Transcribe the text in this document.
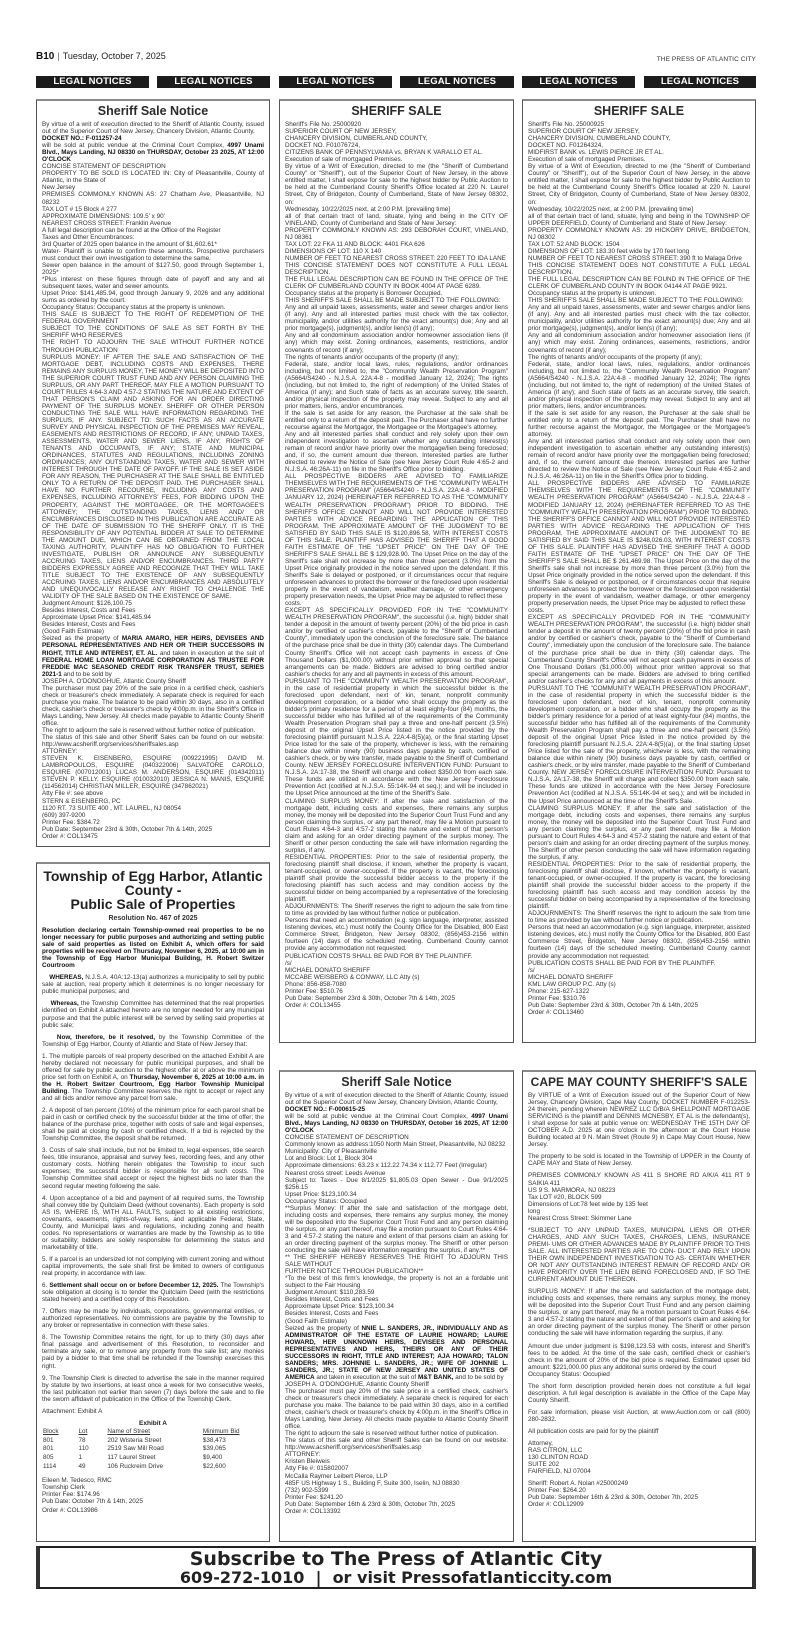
B10 | Tuesday, October 7, 2025	THE PRESS OF ATLANTIC CITY
LEGAL NOTICES	LEGAL NOTICES	LEGAL NOTICES	LEGAL NOTICES	LEGAL NOTICES	LEGAL NOTICES
Sheriff Sale Notice

By virtue of a writ of execution directed to the Sheriff of Atlantic County, issued out of the Superior Court of New Jersey, Chancery Division, Atlantic County,

DOCKET NO.: F-011257-24

will be sold at public vendue at the Criminal Court Complex, 4997 Unami Blvd., Mays Landing, NJ 08330 on THURSDAY, October 23 2025, AT 12:00 O'CLOCK

CONCISE STATEMENT OF DESCRIPTION

PROPERTY TO BE SOLD IS LOCATED IN: City of Pleasantville, County of Atlantic, in the State of

New Jersey

PREMISES COMMONLY KNOWN AS: 27 Chatham Ave, Pleasantville, NJ 08232

TAX LOT # 15 Block # 277

APPROXIMATE DIMENSIONS: 109.5' x 90'

NEAREST CROSS STREET: Franklin Avenue

A full legal description can be found at the Office of the Register

Taxes and Other Encumbrances:

3rd Quarter of 2025 open balance in the amount of $1,602.61*

Water- Plaintiff is unable to confirm these amounts. Prospective purchasers must conduct their own investigation to determine the same.

Sewer open balance in the amount of $127.50, good through September 1, 2025*

*Plus interest on these figures through date of payoff and any and all subsequent taxes, water and sewer amounts.

Upset Price: $141,485.94, good through January 9, 2026 and any additional sums as ordered by the court.

Occupancy Status: Occupancy status at the property is unknown.

THIS SALE IS SUBJECT TO THE RIGHT OF REDEMPTION OF THE FEDERAL GOVERNMENT

SUBJECT TO THE CONDITIONS OF SALE AS SET FORTH BY THE SHERIFF WHO RESERVES

THE RIGHT TO ADJOURN THE SALE WITHOUT FURTHER NOTICE THROUGH PUBLICATION

SURPLUS MONEY: IF AFTER THE SALE AND SATISFACTION OF THE MORTGAGE DEBT, INCLUDING COSTS AND EXPENSES, THERE REMAINS ANY SURPLUS MONEY, THE MONEY WILL BE DEPOSITED INTO THE SUPERIOR COURT TRUST FUND AND ANY PERSON CLAIMING THE SURPLUS, OR ANY PART THEREOF, MAY FILE A MOTION PURSUANT TO COURT RULES 4:64-3 AND 4:57-2 STATING THE NATURE AND EXTENT OF THAT PERSON'S CLAIM AND ASKING FOR AN ORDER DIRECTING PAYMENT OF THE SURPLUS MONEY. SHERIFF OR OTHER PERSON CONDUCTING THE SALE WILL HAVE INFORMATION REGARDING THE SURPLUS, IF ANY. SUBJECT TO: SUCH FACTS AS AN ACCURATE SURVEY AND PHYSICAL INSPECTION OF THE PREMISES MAY REVEAL, EASEMENTS AND RESTRICTIONS OF RECORD, IF ANY; UNPAID TAXES, ASSESSMENTS, WATER AND SEWER LIENS, IF ANY; RIGHTS OF TENANTS AND OCCUPANTS, IF ANY; STATE AND MUNICIPAL ORDINANCES, STATUTES AND REGULATIONS, INCLUDING ZONING ORDINANCES; ANY OUTSTANDING TAXES, WATER AND SEWER WITH INTEREST THROUGH THE DATE OF PAYOFF. IF THE SALE IS SET ASIDE FOR ANY REASON, THE PURCHASER AT THE SALE SHALL BE ENTITLED ONLY TO A RETURN OF THE DEPOSIT PAID. THE PURCHASER SHALL HAVE NO FURTHER RECOURSE, INCLUDING ANY COSTS AND EXPENSES, INCLUDING ATTORNEYS' FEES, FOR BIDDING UPON THE PROPERTY, AGAINST THE MORTGAGEE, OR THE MORTGAGEE'S ATTORNEY; THE OUTSTANDING TAXES, LIENS AND/ OR ENCUMBRANCES DISCLOSED IN THIS PUBLICATION ARE ACCURATE AS OF THE DATE OF SUBMISSION TO THE SHERIFF ONLY. IT IS THE RESPONSIBILITY OF ANY POTENTIAL BIDDER AT SALE TO DETERMINE THE AMOUNT DUE, WHICH CAN BE OBTAINED FROM THE LOCAL TAXING AUTHORITY, PLAINTIFF HAS NO OBLIGATION TO FURTHER INVESTIGATE, PUBLISH OR ANNOUNCE ANY SUBSEQUENTLY ACCRUING TAXES, LIENS AND/OR ENCUMBRANCES. THIRD PARTY BIDDERS EXPRESSLY AGREE AND RECOGNIZE THAT THEY WILL TAKE TITLE SUBJECT TO THE EXISTENCE OF ANY SUBSEQUENTLY ACCRUING TAXES, LIENS AND/OR ENCUMBRANCES AND ABSOLUTELY AND UNEQUIVOCALLY RELEASE ANY RIGHT TO CHALLENGE THE VALIDITY OF THE SALE BASED ON THE EXISTENCE OF SAME.

Judgment Amount: $126,100.75

Besides Interest, Costs and Fees

Approximate Upset Price: $141,485.94

Besides Interest, Costs and Fees

(Good Faith Estimate)

Seized as the property of MARIA AMARO, HER HEIRS, DEVISEES AND PERSONAL REPRESENTATIVES AND HER OR THEIR SUCCESSORS IN RIGHT, TITLE AND INTEREST, ET. AL. and taken in execution at the suit of FEDERAL HOME LOAN MORTGAGE CORPORATION AS TRUSTEE FOR FREDDIE MAC SEASONED CREDIT RISK TRANSFER TRUST, SERIES 2021-1 and to be sold by

JOSEPH A. O'DONOGHUE, Atlantic County Sheriff

The purchaser must pay 20% of the sale price in a certified check, cashier's check or treasurer's check immediately. A separate check is required for each purchase you make. The balance to be paid within 30 days, also in a certified check, cashier's check or treasurer's check by 4:00p.m. in the Sheriff's Office in Mays Landing, New Jersey. All checks made payable to Atlantic County Sheriff office.

The right to adjourn the sale is reserved without further notice of publication.

The status of this sale and other Sheriff Sales can be found on our website: http://www.acsheriff.org/services/sheriffsales.asp

ATTORNEY:

STEVEN K. EISENBERG, ESQUIRE (009221995) DAVID M. LAMBROPOULOS, ESQUIRE (040322006) SALVATORE CAROLLO, ESQUIRE (007012001) LUCAS M. ANDERSON, ESQUIRE (014342011) STEVEN P. KELLY, ESQUIRE (010032010) JESSICA N. MANIS, ESQUIRE (114562014) CHRISTIAN MILLER, ESQUIRE (347862021)

Atty File #: see above

STERN & EISENBERG, PC

1120 RT. 73 SUITE 400 , MT. LAUREL, NJ 08054

(609) 397-9200

Printer Fee: $384.72

Pub Date: September 23rd & 30th, October 7th & 14th, 2025

Order #: COL13475
Township of Egg Harbor, Atlantic County -
Public Sale of Properties
Resolution No. 467 of 2025

Resolution declaring certain Township-owned real properties to be no longer necessary for public purposes and authorizing and setting public sale of said properties as listed on Exhibit A, which offers for said properties will be received on Thursday, November 6, 2025, at 10:00 am in the Township of Egg Harbor Municipal Building, H. Robert Switzer Courtroom

WHEREAS, N.J.S.A. 40A:12-13(a) authorizes a municipality to sell by public sale at auction, real property which it determines is no longer necessary for public municipal purposes; and

Whereas, the Township Committee has determined that the real properties identified on Exhibit A attached hereto are no longer needed for any municipal purpose and that the public interest will be served by selling said properties at public sale;

Now, therefore, be it resolved, by the Township Committee of the Township of Egg Harbor, County of Atlantic and State of New Jersey that:

1. The multiple parcels of real property described on the attached Exhibit A are hereby declared not necessary for public municipal purposes, and shall be offered for sale by public auction to the highest offer at or above the minimum price set forth on Exhibit A, on Thursday, November 6, 2025 at 10:00 a.m. in the H. Robert Switzer Courtroom, Egg Harbor Township Municipal Building. The Township Committee reserves the right to accept or reject any and all bids and/or remove any parcel from sale.

2. A deposit of ten percent (10%) of the minimum price for each parcel shall be paid in cash or certified check by the successful bidder at the time of offer; the balance of the purchase price, together with costs of sale and legal expenses, shall be paid at closing by cash or certified check. If a bid is rejected by the Township Committee, the deposit shall be returned.

3. Costs of sale shall include, but not be limited to, legal expenses, title search fees, title insurance, appraisal and survey fees, recording fees, and any other customary costs. Nothing herein obligates the Township to incur such expenses; the successful bidder is responsible for all such costs. The Township Committee shall accept or reject the highest bids no later than the second regular meeting following the sale.

4. Upon acceptance of a bid and payment of all required sums, the Township shall convey title by Quitclaim Deed (without covenants). Each property is sold AS IS, WHERE IS, WITH ALL FAULTS, subject to all existing restrictions, covenants, easements, rights-of-way, liens, and applicable Federal, State, County, and Municipal laws and regulations, including zoning and health codes. No representations or warranties are made by the Township as to title or suitability; bidders are solely responsible for determining the status and marketability of title.

5. If a parcel is an undersized lot not complying with current zoning and without capital improvements, the sale shall first be limited to owners of contiguous real property, in accordance with law.

6. Settlement shall occur on or before December 12, 2025. The Township's sole obligation at closing is to tender the Quitclaim Deed (with the restrictions stated herein) and a certified copy of this Resolution.

7. Offers may be made by individuals, corporations, governmental entities, or authorized representatives. No commissions are payable by the Township to any broker or representative in connection with these sales.

8. The Township Committee retains the right, for up to thirty (30) days after final passage and advertisement of this Resolution, to reconsider and terminate any sale, or to remove any property from the sale list; any monies paid by a bidder to that time shall be refunded if the Township exercises this right.

9. The Township Clerk is directed to advertise the sale in the manner required by statute by two insertions, at least once a week for two consecutive weeks, the last publication not earlier than seven (7) days before the sale and to file the sworn affidavit of publication in the Office of the Township Clerk.

Attachment: Exhibit A

Exhibit A
Block	Lot	Name of Street	Minimum Bid
801	78	202 Wisteria Street	$38,473
801	110	2519 Saw Mill Road	$39,065
805	1	117 Laurel Street	$9,400
1114	49	106 Ruckreim Drive	$22,600

Eileen M. Tedesco, RMC

Township Clerk

Printer Fee: $174.96

Pub Date: October 7th & 14th, 2025

Order #: COL13986
SHERIFF SALE

Sheriff's File No. 25000920

SUPERIOR COURT OF NEW JERSEY,

CHANCERY DIVISION, CUMBERLAND COUNTY,

DOCKET NO. F01076724,

CITIZENS BANK OF PENNSYLVANIA vs. BRYAN K VARALLO ET AL.

Execution of sale of mortgaged Premises.

By virtue of a Writ of Execution, directed to me (the "Sheriff of Cumberland County" or "Sheriff"), out of the Superior Court of New Jersey, in the above entitled matter, I shall expose for sale to the highest bidder by Public Auction to be held at the Cumberland County Sheriff's Office located at 220 N. Laurel Street, City of Bridgeton, County of Cumberland, State of New Jersey 08302, on:

Wednesday, 10/22/2025 next, at 2:00 P.M. [prevailing time]

all of that certain tract of land, situate, lying and being in the CITY OF VINELAND, County of Cumberland and State of New Jersey:

PROPERTY COMMONLY KNOWN AS: 293 DEBORAH COURT, VINELAND, NJ 08361

TAX LOT: 22 FKA 11 AND BLOCK: 4401 FKA 626

DIMENSIONS OF LOT: 110 X 140

NUMBER OF FEET TO NEAREST CROSS STREET: 220 FEET TO IDA LANE

THIS CONCISE STATEMENT DOES NOT CONSTITUTE A FULL LEGAL DESCRIPTION.

THE FULL LEGAL DESCRIPTION CAN BE FOUND IN THE OFFICE OF THE CLERK OF CUMBERLAND COUNTY IN BOOK 4004 AT PAGE 6289.

Occupancy status at the property is Borrower Occupied.

THIS SHERIFF'S SALE SHALL BE MADE SUBJECT TO THE FOLLOWING:

Any and all unpaid taxes, assessments, water and sewer charges and/or liens (if any). Any and all interested parties must check with the tax collector, municipality, and/or utilities authority for the exact amount(s) due; Any and all prior mortgage(s), judgment(s), and/or lien(s) (if any);

Any and all condominium association and/or homeowner association liens (if any) which may exist. Zoning ordinances, easements, restrictions, and/or covenants of record (if any);

The rights of tenants and/or occupants of the property (if any);

Federal, state, and/or local laws, rules, regulations, and/or ordinances including, but not limited to, the "Community Wealth Preservation Program" (A5664/S4240 - N.J.S.A. 22A:4-8 - modified January 12, 2024); The rights (including, but not limited to, the right of redemption) of the United States of America (if any); and Such state of facts as an accurate survey, title search, and/or physical inspection of the property may reveal. Subject to any and all prior matters, liens, and/or encumbrances.

If the sale is set aside for any reason, the Purchaser at the sale shall be entitled only to a return of the deposit paid. The Purchaser shall have no further recourse against the Mortgagor, the Mortgagee or the Mortgagee's attorney.

Any and all interested parties shall conduct and rely solely upon their own independent investigation to ascertain whether any outstanding interest(s) remain of record and/or have priority over the mortgage/lien being foreclosed; and, if so, the current amount due thereon. Interested parties are further directed to review the Notice of Sale (see New Jersey Court Rule 4:65-2 and N.J.S.A. 46:26A-11) on file in the Sheriff's Office prior to bidding.

ALL PROSPECTIVE BIDDERS ARE ADVISED TO FAMILIARIZE THEMSELVES WITH THE REQUIREMENTS OF THE "COMMUNITY WEALTH PRESERVATION PROGRAM" (A5664/S4240 - N.J.S.A. 22A:4-8 - MODIFIED JANUARY 12, 2024) (HEREINAFTER REFERRED TO AS THE "COMMUNITY WEALTH PRESERVATION PROGRAM") PRIOR TO BIDDING. THE SHERIFF'S OFFICE CANNOT AND WILL NOT PROVIDE INTERESTED PARTIES WITH ADVICE REGARDING THE APPLICATION OF THIS PROGRAM. THE APPROXIMATE AMOUNT OF THE JUDGMENT TO BE SATISFIED BY SAID THIS SALE IS $120,896.58, WITH INTEREST COSTS OF THIS SALE. PLAINTIFF HAS ADVISED THE SHERIFF THAT A GOOD FAITH ESTIMATE OF THE "UPSET PRICE" ON THE DAY OF THE SHERIFF'S SALE SHALL BE $ 129,928.90. The Upset Price on the day of the Sheriff's sale shall not increase by more than three percent (3.0%) from the Upset Price originally provided in the notice served upon the defendant. If this Sheriff's Sale is delayed or postponed, or if circumstances occur that require unforeseen advances to protect the borrower or the foreclosed upon residential property in the event of vandalism, weather damage, or other emergency property preservation needs, the Upset Price may be adjusted to reflect these

costs.

EXCEPT AS SPECIFICALLY PROVIDED FOR IN THE "COMMUNITY WEALTH PRESERVATION PROGRAM", the successful (i.e. high) bidder shall tender a deposit in the amount of twenty percent (20%) of the bid price in cash and/or by certified or cashier's check, payable to the "Sheriff of Cumberland County", immediately upon the conclusion of the foreclosure sale. The balance of the purchase price shall be due in thirty (30) calendar days. The Cumberland County Sheriff's Office will not accept cash payments in excess of One Thousand Dollars ($1,000.00) without prior written approval so that special arrangements can be made. Bidders are advised to bring certified and/or cashier's checks for any and all payments in excess of this amount.

PURSUANT TO THE "COMMUNITY WEALTH PRESERVATION PROGRAM", in the case of residential property in which the successful bidder is the foreclosed upon defendant, next of kin, tenant, nonprofit community development corporation, or a bidder who shall occupy the property as the bidder's primary residence for a period of at least eighty-four (84) months, the successful bidder who has fulfilled all of the requirements of the Community Wealth Preservation Program shall pay a three and one-half percent (3.5%) deposit of the original Upset Price listed in the notice provided by the foreclosing plaintiff pursuant N.J.S.A. 22A:4-8(5)(a), or the final starting Upset Price listed for the sale of the property, whichever is less, with the remaining balance due within ninety (90) business days payable by cash, certified or cashier's check, or by wire transfer, made payable to the Sheriff of Cumberland County. NEW JERSEY FORECLOSURE INTERVENTION FUND: Pursuant to N.J.S.A. 2A:17-38, the Sheriff will charge and collect $350.00 from each sale. These funds are utilized in accordance with the New Jersey Foreclosure Prevention Act (codified at N.J.S.A. 55:14K-94 et seq.); and will be included in the Upset Price announced at the time of the Sheriff's Sale.

CLAIMING SURPLUS MONEY: If after the sale and satisfaction of the mortgage debt, including costs and expenses, there remains any surplus money, the money will be deposited into the Superior Court Trust Fund and any person claiming the surplus, or any part thereof, may file a Motion pursuant to Court Rules 4:64-3 and 4:57-2 stating the nature and extent of that person's claim and asking for an order directing payment of the surplus money. The Sheriff or other person conducting the sale will have information regarding the surplus, if any.

RESIDENTIAL PROPERTIES: Prior to the sale of residential property, the foreclosing plaintiff shall disclose, if known, whether the property is vacant, tenant-occupied, or owner-occupied. If the property is vacant, the foreclosing plaintiff shall provide the successful bidder access to the property if the foreclosing plaintiff has such access and may condition access by the successful bidder on being accompanied by a representative of the foreclosing plaintiff.

ADJOURNMENTS: The Sheriff reserves the right to adjourn the sale from time to time as provided by law without further notice or publication.

Persons that need an accommodation (e.g. sign language, interpreter, assisted listening devices, etc.) must notify the County Office for the Disabled, 800 East Commerce Street, Bridgeton, New Jersey 08302, (856)453-2156 within fourteen (14) days of the scheduled meeting. Cumberland County cannot provide any accommodation not requested.

PUBLICATION COSTS SHALL BE PAID FOR BY THE PLAINTIFF.

/s/

MICHAEL DONATO SHERIFF

MCCABE WEISBERG & CONWAY, LLC Atty (s)

Phone: 856-858-7080

Printer Fee: $510.76

Pub Date: September 23rd & 30th, October 7th & 14th, 2025

Order #: COL13455
Sheriff Sale Notice

By virtue of a writ of execution directed to the Sheriff of Atlantic County, issued out of the Superior Court of New Jersey, Chancery Division, Atlantic County,

DOCKET NO.: F-000615-25

will be sold at public vendue at the Criminal Court Complex, 4997 Unami Blvd., Mays Landing, NJ 08330 on THURSDAY, October 16 2025, AT 12:00 O'CLOCK

CONCISE STATEMENT OF DESCRIPTION

Commonly known as address:1050 North Main Street, Pleasantville, NJ 08232

Municipality: City of Pleasantville

Lot and Block: Lot 1, Block 304

Approximate dimensions: 63.23 x 112.22 74.34 x 112.77 Feet (Irregular)

Nearest cross street: Leeds Avenue

Subject to: Taxes - Due 8/1/2025 $1,805.03 Open Sewer - Due 9/1/2025 $256.15

Upset Price: $123,100.34

Occupancy Status: Occupied

**Surplus Money: If after the sale and satisfaction of the mortgage debt, including costs and expenses, there remains any surplus money, the money will be deposited into the Superior Court Trust Fund and any person claiming the surplus, or any part thereof, may file a motion pursuant to Court Rules 4:64-3 and 4:57-2 stating the nature and extent of that persons claim an asking for an order directing payment of the surplus money. The Sheriff or other person conducting the sale will have information regarding the surplus, if any.**

** THE SHERIFF HEREBY RESERVES THE RIGHT TO ADJOURN THIS SALE WITHOUT

FURTHER NOTICE THROUGH PUBLICATION**

*To the best of this firm's knowledge, the property is not an a fordable unit subject to the Fair Housing

Judgment Amount: $110,283.59

Besides Interest, Costs and Fees

Approximate Upset Price: $123,100.34

Besides Interest, Costs and Fees

(Good Faith Estimate)

Seized as the property of NNIE L. SANDERS, JR., INDIVIDUALLY AND AS ADMINISTRATOR OF THE ESTATE OF LAURIE HOWARD; LAURIE HOWARD, HER UNKNOWN HEIRS, DEVISEES AND PERSONAL REPRESENTATIVES AND HERS, THEIRS OR ANY OF THEIR SUCCESSORS IN RIGHT, TITLE AND INTEREST; AJA HOWARD; TALON SANDERS; MRS. JOHNNIE L. SANDERS, JR.; WIFE OF JOHNNIE L. SANDERS, JR.; STATE OF NEW JERSEY AND UNITED STATES OF AMERICA and taken in execution at the suit of M&T BANK, and to be sold by

JOSEPH A. O'DONOGHUE, Atlantic County Sheriff

The purchaser must pay 20% of the sale price in a certified check, cashier's check or treasurer's check immediately. A separate check is required for each purchase you make. The balance to be paid within 30 days, also in a certified check, cashier's check or treasurer's check by 4:00p.m. in the Sheriff's Office in Mays Landing, New Jersey. All checks made payable to Atlantic County Sheriff office.

The right to adjourn the sale is reserved without further notice of publication.

The status of this sale and other Sheriff Sales can be found on our website: http://www.acsheriff.org/services/sheriffsales.asp

ATTORNEY:

Kristen Bleiweis

Atty File #: 015802007

McCalla Raymer Leibert Pierce, LLP

485F US Highway 1 S., Building F, Suite 300, Iselin, NJ 08830

(732) 902-5399

Printer Fee: $241.20

Pub Date: September 16th & 23rd & 30th, October 7th, 2025

Order #: COL13392
SHERIFF SALE

Sheriff's File No. 25000925

SUPERIOR COURT OF NEW JERSEY,

CHANCERY DIVISION, CUMBERLAND COUNTY,

DOCKET NO. F01264324,

MIDFIRST BANK vs. LEWIS PIERCE JR ET AL.

Execution of sale of mortgaged Premises.

By virtue of a Writ of Execution, directed to me (the "Sheriff of Cumberland County" or "Sheriff"), out of the Superior Court of New Jersey, in the above entitled matter, I shall expose for sale to the highest bidder by Public Auction to be held at the Cumberland County Sheriff's Office located at 220 N. Laurel Street, City of Bridgeton, County of Cumberland, State of New Jersey 08302, on:

Wednesday, 10/22/2025 next, at 2:00 P.M. [prevailing time]

all of that certain tract of land, situate, lying and being in the TOWNSHIP OF UPPER DEERFIELD, County of Cumberland and State of New Jersey:

PROPERTY COMMONLY KNOWN AS: 29 HICKORY DRIVE, BRIDGETON, NJ 08302

TAX LOT: 52 AND BLOCK: 1504

DIMENSIONS OF LOT: 183.30 feet wide by 170 feet long

NUMBER OF FEET TO NEAREST CROSS STREET: 390 ft to Malaga Drive

THIS CONCISE STATEMENT DOES NOT CONSTITUTE A FULL LEGAL DESCRIPTION.

THE FULL LEGAL DESCRIPTION CAN BE FOUND IN THE OFFICE OF THE CLERK OF CUMBERLAND COUNTY IN BOOK 04144 AT PAGE 9921.

Occupancy status at the property is unknown.

THIS SHERIFF'S SALE SHALL BE MADE SUBJECT TO THE FOLLOWING:

Any and all unpaid taxes, assessments, water and sewer charges and/or liens (if any). Any and all interested parties must check with the tax collector, municipality, and/or utilities authority for the exact amount(s) due; Any and all prior mortgage(s), judgment(s), and/or lien(s) (if any);

Any and all condominium association and/or homeowner association liens (if any) which may exist. Zoning ordinances, easements, restrictions, and/or covenants of record (if any);

The rights of tenants and/or occupants of the property (if any);

Federal, state, and/or local laws, rules, regulations, and/or ordinances including, but not limited to, the "Community Wealth Preservation Program" (A5664/S4240 - N.J.S.A. 22A:4-8 - modified January 12, 2024); The rights (including, but not limited to, the right of redemption) of the United States of America (if any); and Such state of facts as an accurate survey, title search, and/or physical inspection of the property may reveal. Subject to any and all prior matters, liens, and/or encumbrances.

If the sale is set aside for any reason, the Purchaser at the sale shall be entitled only to a return of the deposit paid. The Purchaser shall have no further recourse against the Mortgagor, the Mortgagee or the Mortgagee's attorney.

Any and all interested parties shall conduct and rely solely upon their own independent investigation to ascertain whether any outstanding interest(s) remain of record and/or have priority over the mortgage/lien being foreclosed; and, if so, the current amount due thereon. Interested parties are further directed to review the Notice of Sale (see New Jersey Court Rule 4:65-2 and N.J.S.A. 46:26A-11) on file in the Sheriff's Office prior to bidding.

ALL PROSPECTIVE BIDDERS ARE ADVISED TO FAMILIARIZE THEMSELVES WITH THE REQUIREMENTS OF THE "COMMUNITY WEALTH PRESERVATION PROGRAM" (A5664/S4240 - N.J.S.A. 22A:4-8 - MODIFIED JANUARY 12, 2024) (HEREINAFTER REFERRED TO AS THE "COMMUNITY WEALTH PRESERVATION PROGRAM") PRIOR TO BIDDING. THE SHERIFF'S OFFICE CANNOT AND WILL NOT PROVIDE INTERESTED PARTIES WITH ADVICE REGARDING THE APPLICATION OF THIS PROGRAM. THE APPROXIMATE AMOUNT OF THE JUDGMENT TO BE SATISFIED BY SAID THIS SALE IS $248,026.03, WITH INTEREST COSTS OF THIS SALE. PLAINTIFF HAS ADVISED THE SHERIFF THAT A GOOD FAITH ESTIMATE OF THE "UPSET PRICE" ON THE DAY OF THE SHERIFF'S SALE SHALL BE $ 261,469.98. The Upset Price on the day of the Sheriff's sale shall not increase by more than three percent (3.0%) from the Upset Price originally provided in the notice served upon the defendant. If this Sheriff's Sale is delayed or postponed, or if circumstances occur that require unforeseen advances to protect the borrower or the foreclosed upon residential property in the event of vandalism, weather damage, or other emergency property preservation needs, the Upset Price may be adjusted to reflect these

costs.

EXCEPT AS SPECIFICALLY PROVIDED FOR IN THE "COMMUNITY WEALTH PRESERVATION PROGRAM", the successful (i.e. high) bidder shall tender a deposit in the amount of twenty percent (20%) of the bid price in cash and/or by certified or cashier's check, payable to the "Sheriff of Cumberland County", immediately upon the conclusion of the foreclosure sale. The balance of the purchase price shall be due in thirty (30) calendar days. The Cumberland County Sheriff's Office will not accept cash payments in excess of One Thousand Dollars ($1,000.00) without prior written approval so that special arrangements can be made. Bidders are advised to bring certified and/or cashier's checks for any and all payments in excess of this amount.

PURSUANT TO THE "COMMUNITY WEALTH PRESERVATION PROGRAM", in the case of residential property in which the successful bidder is the foreclosed upon defendant, next of kin, tenant, nonprofit community development corporation, or a bidder who shall occupy the property as the bidder's primary residence for a period of at least eighty-four (84) months, the successful bidder who has fulfilled all of the requirements of the Community Wealth Preservation Program shall pay a three and one-half percent (3.5%) deposit of the original Upset Price listed in the notice provided by the foreclosing plaintiff pursuant N.J.S.A. 22A:4-8(5)(a), or the final starting Upset Price listed for the sale of the property, whichever is less, with the remaining balance due within ninety (90) business days payable by cash, certified or cashier's check, or by wire transfer, made payable to the Sheriff of Cumberland County. NEW JERSEY FORECLOSURE INTERVENTION FUND: Pursuant to N.J.S.A. 2A:17-38, the Sheriff will charge and collect $350.00 from each sale. These funds are utilized in accordance with the New Jersey Foreclosure Prevention Act (codified at N.J.S.A. 55:14K-94 et seq.); and will be included in the Upset Price announced at the time of the Sheriff's Sale.

CLAIMING SURPLUS MONEY: If after the sale and satisfaction of the mortgage debt, including costs and expenses, there remains any surplus money, the money will be deposited into the Superior Court Trust Fund and any person claiming the surplus, or any part thereof, may file a Motion pursuant to Court Rules 4:64-3 and 4:57-2 stating the nature and extent of that person's claim and asking for an order directing payment of the surplus money. The Sheriff or other person conducting the sale will have information regarding the surplus, if any.

RESIDENTIAL PROPERTIES: Prior to the sale of residential property, the foreclosing plaintiff shall disclose, if known, whether the property is vacant, tenant-occupied, or owner-occupied. If the property is vacant, the foreclosing plaintiff shall provide the successful bidder access to the property if the foreclosing plaintiff has such access and may condition access by the successful bidder on being accompanied by a representative of the foreclosing plaintiff.

ADJOURNMENTS: The Sheriff reserves the right to adjourn the sale from time to time as provided by law without further notice or publication.

Persons that need an accommodation (e.g. sign language, interpreter, assisted listening devices, etc.) must notify the County Office for the Disabled, 800 East Commerce Street, Bridgeton, New Jersey 08302, (856)453-2156 within fourteen (14) days of the scheduled meeting. Cumberland County cannot provide any accommodation not requested.

PUBLICATION COSTS SHALL BE PAID FOR BY THE PLAINTIFF.

/s/

MICHAEL DONATO SHERIFF

KML LAW GROUP P.C. Atty (s)

Phone: 215-627-1322

Printer Fee: $310.76

Pub Date: September 23rd & 30th, October 7th & 14th, 2025

Order #: COL13460
CAPE MAY COUNTY SHERIFF'S SALE

By VIRTUE of a Writ of Execution issued out of the Superior Court of New Jersey, Chancery Division, Cape May County, DOCKET NUMBER F-012253-24 therein, pending wherein NEWREZ LLC D/B/A SHELLPOINT MORTGAGE SERVICING is the plaintiff and DENNIS MCNESBY, ET AL is the defendant(s), I shall expose for sale at public venue on: WEDNESDAY THE 15TH DAY OF OCTOBER A.D. 2025 at one o'clock in the afternoon at the Court House Building located at 9 N. Main Street (Route 9) in Cape May Court House, New Jersey.

The property to be sold is located in the Township of UPPER in the County of CAPE MAY and State of New Jersey.

PREMISES COMMONLY KNOWN AS 411 S SHORE RD A/K/A 411 RT 9 SAIKIA 411

US 9 S. MARMORA, NJ 08223

Tax LOT #20, BLOCK 599

Dimensions of Lot:78 feet wide by 135 feet

long

Nearest Cross Street: Skimmer Lane

*SUBJECT TO ANY UNPAID TAXES, MUNICIPAL LIENS OR OTHER CHARGES, AND ANY SUCH TAXES, CHARGES, LIENS, INSURANCE PREMI- UMS OR OTHER ADVANCES MADE BY PLAINTIFF PRIOR TO THIS SALE. ALL INTERESTED PARTIES ARE TO CON- DUCT AND RELY UPON THEIR OWN INDEPENDENT INVESTIGATION TO AS- CERTAIN WHETHER OR NOT ANY OUTSTANDING INTEREST REMAIN OF RECORD AND/ OR HAVE PRIORITY OVER THE LIEN BEING FORECLOSED AND, IF SO THE CURRENT AMOUNT DUE THEREON.

SURPLUS MONEY: If after the sale and satisfaction of the mortgage debt, including costs and expenses, there remains any surplus money, the money will be deposited into the Superior Court Trust Fund and any person claiming the surplus, or any part thereof, may fle a motion pursuant to Court Rules 4:64-3 and 4:57-2 stating the nature and extent of that person's claim and asking for an order directing payment of the surplus money. The Sheriff or other person conducting the sale will have information regarding the surplus, if any.

Amount due under judgment is $198,123.53 with costs, interest and Sheriff's fees to be added. At the time of the sale cash, certified check or cashier's check in the amount of 20% of the bid price is required. Estimated upset bid amount: $221,000.00 plus any additonal sums ordered by the court

Occupancy Status: Occupied

The short form description provided herein does not constitute a full legal description. A full legal description is available in the Office of the Cape May County Sheriff.

For sale information, please visit Auction, at www.Auction.com or call (800) 280-2832.

All publication costs are paid for by the plaintiff

Attorney,

RAS CITRON, LLC

130 CLINTON ROAD

SUITE 202

FAIRFIELD, NJ 07004

Sheriff: Robert A. Nolan #25000249

Printer Fee: $264.20

Pub Date: September 16th & 23rd & 30th, October 7th, 2025

Order #: COL12909
Subscribe to The Press of Atlantic City
609-272-1010  |  or visit Pressofatlanticcity.com
